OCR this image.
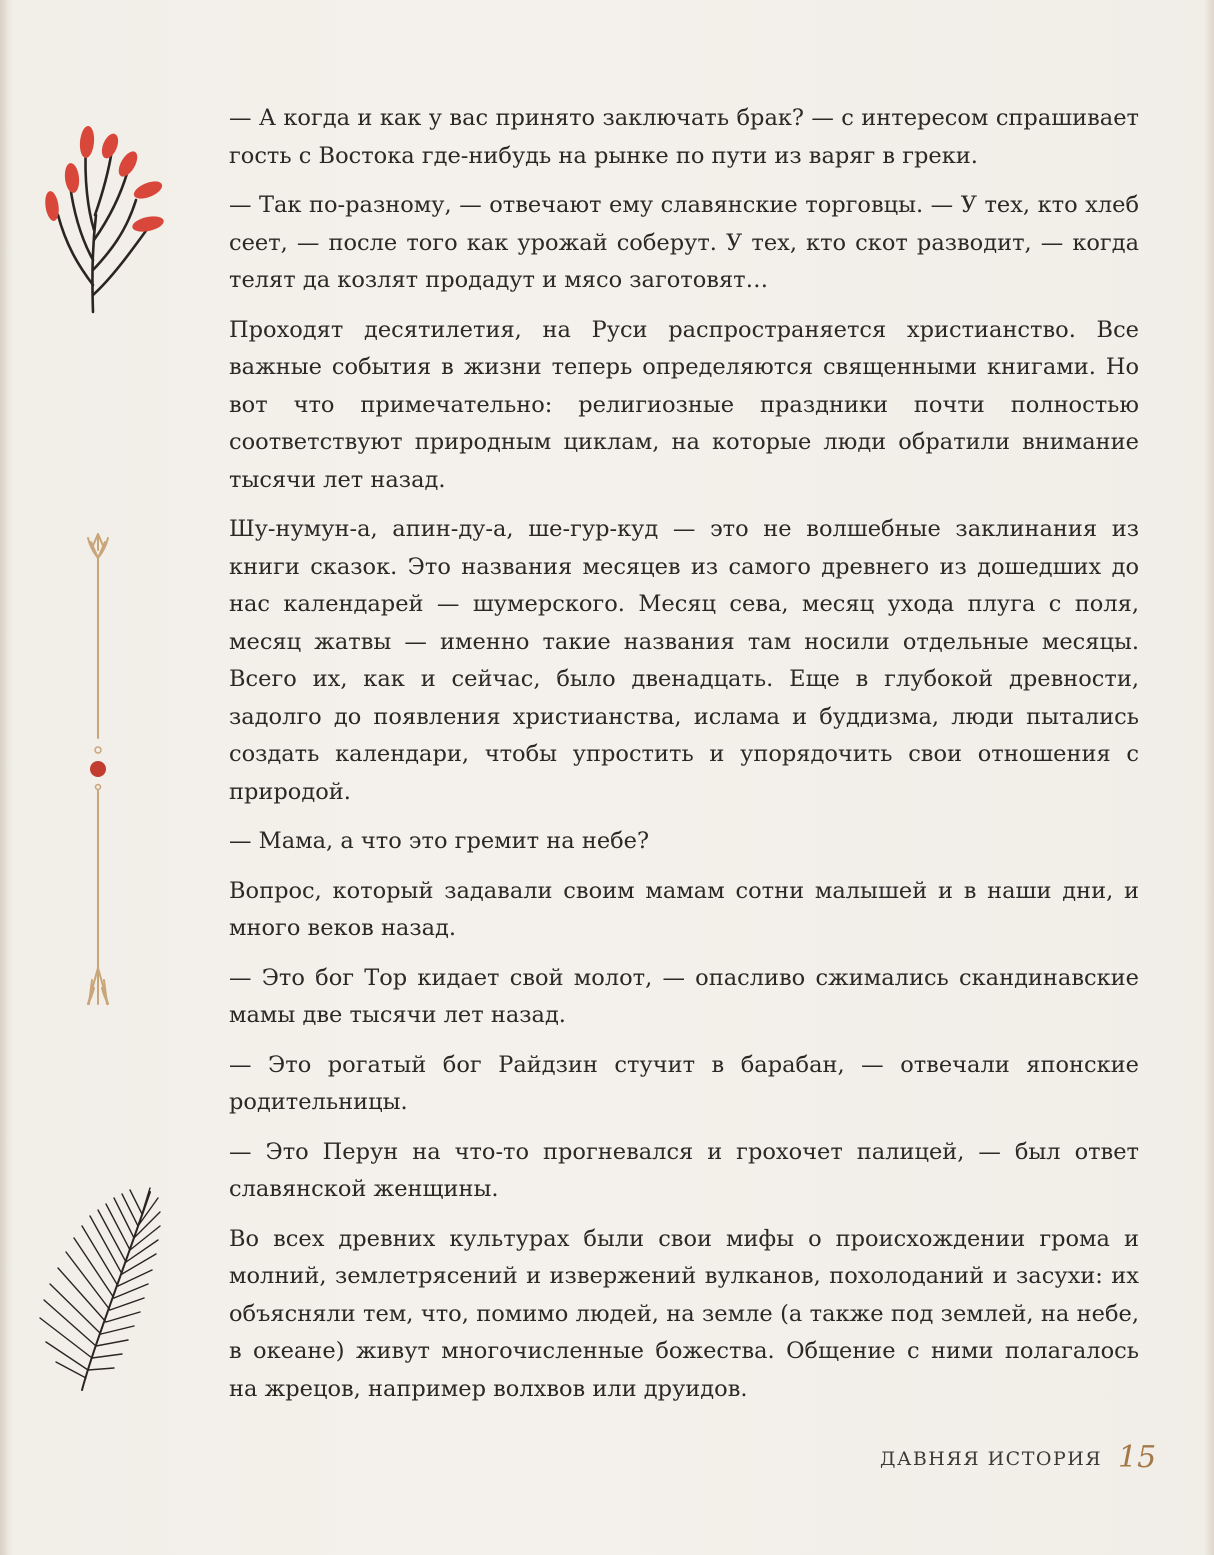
— А когда и как у вас принято заключать брак? — с интересом спрашивает гость с Востока где-нибудь на рынке по пути из варяг в греки.

— Так по-разному, — отвечают ему славянские торговцы. — У тех, кто хлеб сеет, — после того как урожай соберут. У тех, кто скот разводит, — когда телят да козлят продадут и мясо заготовят…

Проходят десятилетия, на Руси распространяется христианство. Все важные события в жизни теперь определяются священными книгами. Но вот что примечательно: религиозные праздники почти полностью соответствуют природным циклам, на которые люди обратили внимание тысячи лет назад.

Шу-нумун-а, апин-ду-а, ше-гур-куд — это не волшебные заклинания из книги сказок. Это названия месяцев из самого древнего из дошедших до нас календарей — шумерского. Месяц сева, месяц ухода плуга с поля, месяц жатвы — именно такие названия там носили отдельные месяцы. Всего их, как и сейчас, было двенадцать. Еще в глубокой древности, задолго до появления христианства, ислама и буддизма, люди пытались создать календари, чтобы упростить и упорядочить свои отношения с природой.

— Мама, а что это гремит на небе?

Вопрос, который задавали своим мамам сотни малышей и в наши дни, и много веков назад.

— Это бог Тор кидает свой молот, — опасливо сжимались скандинавские мамы две тысячи лет назад.

— Это рогатый бог Райдзин стучит в барабан, — отвечали японские родительницы.

— Это Перун на что-то прогневался и грохочет палицей, — был ответ славянской женщины.

Во всех древних культурах были свои мифы о происхождении грома и молний, землетрясений и извержений вулканов, похолоданий и засухи: их объясняли тем, что, помимо людей, на земле (а также под землей, на небе, в океане) живут многочисленные божества. Общение с ними полагалось на жрецов, например волхвов или друидов.

ДАВНЯЯ ИСТОРИЯ 15
